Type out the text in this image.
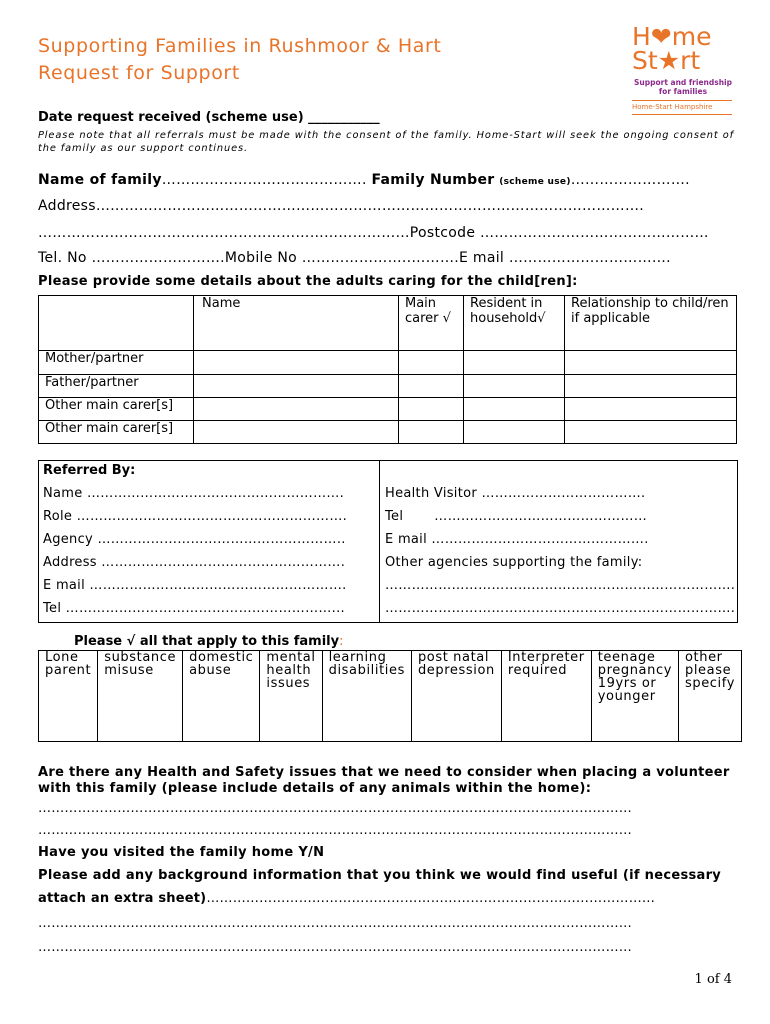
Supporting Families in Rushmoor & Hart
Request for Support
H❤me
St★rt
Support and friendship for families
Home-Start Hampshire
Date request received (scheme use) ___________
Please note that all referrals must be made with the consent of the family. Home-Start will seek the ongoing consent of the family as our support continues.
Name of family……………………………………. Family Number (scheme use)…………………….
Address…………………………………………………………………………………………………….
……………………………………………………………………Postcode …………………………………………
Tel. No ……………………….Mobile No …………………..……….E mail …………………………….
Please provide some details about the adults caring for the child[ren]:
	Name	Main carer √	Resident in household√	Relationship to child/ren if applicable
Mother/partner				
Father/partner				
Other main carer[s]				
Other main carer[s]				
Referred By:
Name ………………………………………………….
Role …………………………………………………….
Agency ………………………………………………..
Address ……………………………………………….
E mail ………………………………………………….
Tel ……………………………………………………...
Health Visitor ……………………………….
Tel       …………………………………………
E mail ………………………………………….
Other agencies supporting the family:
…………………………………………………………………….
…………………………………………………………………….
Please √ all that apply to this family:
Lone parent	substance misuse	domestic abuse	mental health issues	learning disabilities	post natal depression	Interpreter required	teenage pregnancy 19yrs or younger	other please specify
Are there any Health and Safety issues that we need to consider when placing a volunteer with this family (please include details of any animals within the home):
………………………………………………………………………………………………………………………
………………………………………………………………………………………………………………………
Have you visited the family home Y/N
Please add any background information that you think we would find useful (if necessary
attach an extra sheet)…………………………………………………………………………………………
………………………………………………………………………………………………………………………
………………………………………………………………………………………………………………………
1 of 4
